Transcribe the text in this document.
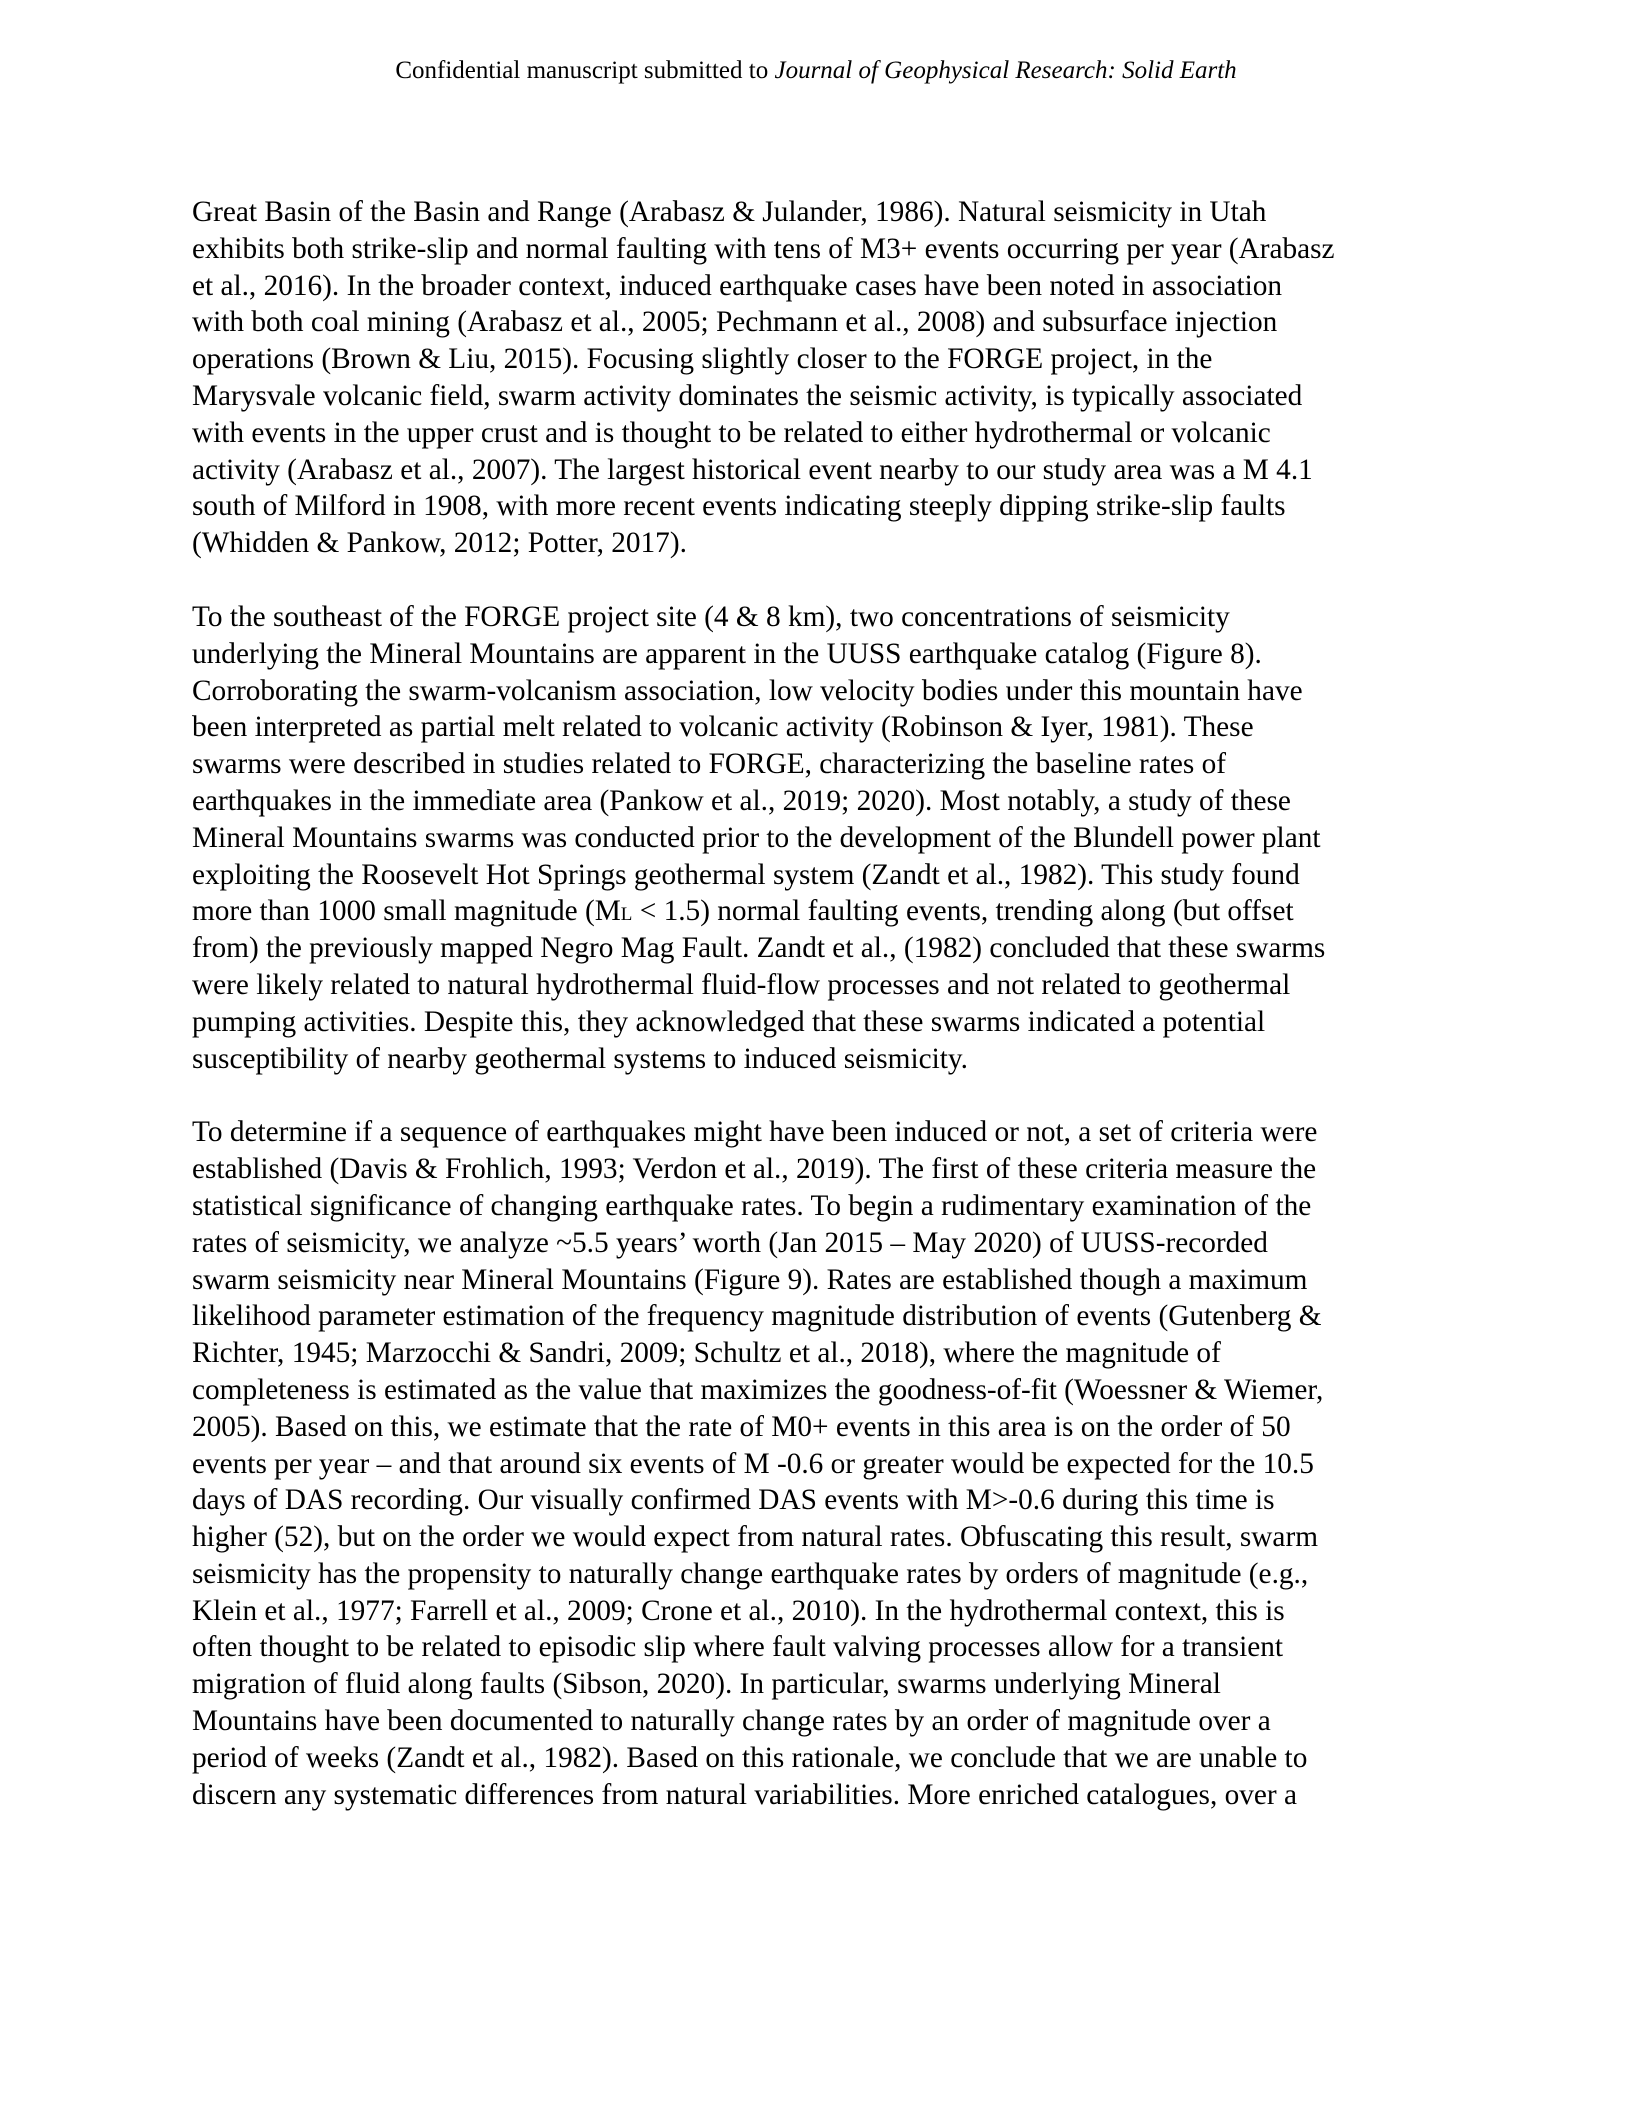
Confidential manuscript submitted to Journal of Geophysical Research: Solid Earth
Great Basin of the Basin and Range (Arabasz & Julander, 1986). Natural seismicity in Utah
exhibits both strike-slip and normal faulting with tens of M3+ events occurring per year (Arabasz
et al., 2016). In the broader context, induced earthquake cases have been noted in association
with both coal mining (Arabasz et al., 2005; Pechmann et al., 2008) and subsurface injection
operations (Brown & Liu, 2015). Focusing slightly closer to the FORGE project, in the
Marysvale volcanic field, swarm activity dominates the seismic activity, is typically associated
with events in the upper crust and is thought to be related to either hydrothermal or volcanic
activity (Arabasz et al., 2007). The largest historical event nearby to our study area was a M 4.1
south of Milford in 1908, with more recent events indicating steeply dipping strike-slip faults
(Whidden & Pankow, 2012; Potter, 2017).
To the southeast of the FORGE project site (4 & 8 km), two concentrations of seismicity
underlying the Mineral Mountains are apparent in the UUSS earthquake catalog (Figure 8).
Corroborating the swarm-volcanism association, low velocity bodies under this mountain have
been interpreted as partial melt related to volcanic activity (Robinson & Iyer, 1981). These
swarms were described in studies related to FORGE, characterizing the baseline rates of
earthquakes in the immediate area (Pankow et al., 2019; 2020). Most notably, a study of these
Mineral Mountains swarms was conducted prior to the development of the Blundell power plant
exploiting the Roosevelt Hot Springs geothermal system (Zandt et al., 1982). This study found
more than 1000 small magnitude (ML < 1.5) normal faulting events, trending along (but offset
from) the previously mapped Negro Mag Fault. Zandt et al., (1982) concluded that these swarms
were likely related to natural hydrothermal fluid-flow processes and not related to geothermal
pumping activities. Despite this, they acknowledged that these swarms indicated a potential
susceptibility of nearby geothermal systems to induced seismicity.
To determine if a sequence of earthquakes might have been induced or not, a set of criteria were
established (Davis & Frohlich, 1993; Verdon et al., 2019). The first of these criteria measure the
statistical significance of changing earthquake rates. To begin a rudimentary examination of the
rates of seismicity, we analyze ~5.5 years’ worth (Jan 2015 – May 2020) of UUSS-recorded
swarm seismicity near Mineral Mountains (Figure 9). Rates are established though a maximum
likelihood parameter estimation of the frequency magnitude distribution of events (Gutenberg &
Richter, 1945; Marzocchi & Sandri, 2009; Schultz et al., 2018), where the magnitude of
completeness is estimated as the value that maximizes the goodness-of-fit (Woessner & Wiemer,
2005). Based on this, we estimate that the rate of M0+ events in this area is on the order of 50
events per year – and that around six events of M -0.6 or greater would be expected for the 10.5
days of DAS recording. Our visually confirmed DAS events with M>-0.6 during this time is
higher (52), but on the order we would expect from natural rates. Obfuscating this result, swarm
seismicity has the propensity to naturally change earthquake rates by orders of magnitude (e.g.,
Klein et al., 1977; Farrell et al., 2009; Crone et al., 2010). In the hydrothermal context, this is
often thought to be related to episodic slip where fault valving processes allow for a transient
migration of fluid along faults (Sibson, 2020). In particular, swarms underlying Mineral
Mountains have been documented to naturally change rates by an order of magnitude over a
period of weeks (Zandt et al., 1982). Based on this rationale, we conclude that we are unable to
discern any systematic differences from natural variabilities. More enriched catalogues, over a
